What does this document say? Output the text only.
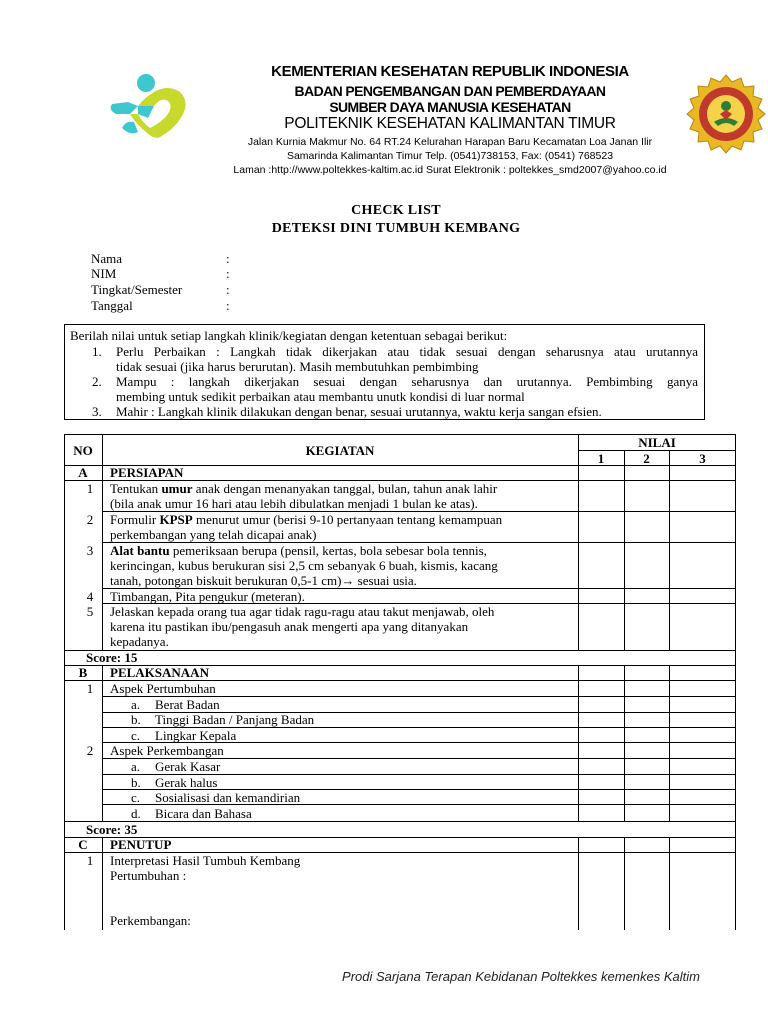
KEMENTERIAN KESEHATAN REPUBLIK INDONESIA
BADAN PENGEMBANGAN DAN PEMBERDAYAAN
SUMBER DAYA MANUSIA KESEHATAN
POLITEKNIK KESEHATAN KALIMANTAN TIMUR
Jalan Kurnia Makmur No. 64 RT.24 Kelurahan Harapan Baru Kecamatan Loa Janan Ilir
Samarinda Kalimantan Timur Telp. (0541)738153, Fax: (0541) 768523
Laman :http://www.poltekkes-kaltim.ac.id Surat Elektronik : poltekkes_smd2007@yahoo.co.id
CHECK LIST
DETEKSI DINI TUMBUH KEMBANG
Nama	:
NIM	:
Tingkat/Semester	:
Tanggal	:
Berilah nilai untuk setiap langkah klinik/kegiatan dengan ketentuan sebagai berikut:
1. Perlu Perbaikan : Langkah tidak dikerjakan atau tidak sesuai dengan seharusnya atau urutannya
tidak sesuai (jika harus berurutan). Masih membutuhkan pembimbing
2. Mampu : langkah dikerjakan sesuai dengan seharusnya dan urutannya. Pembimbing ganya
membing untuk sedikit perbaikan atau membantu unutk kondisi di luar normal
3. Mahir : Langkah klinik dilakukan dengan benar, sesuai urutannya, waktu kerja sangan efsien.
NO	KEGIATAN
NILAI
1	2	3
A	PERSIAPAN
1	Tentukan umur anak dengan menanyakan tanggal, bulan, tahun anak lahir
(bila anak umur 16 hari atau lebih dibulatkan menjadi 1 bulan ke atas).
2	Formulir KPSP menurut umur (berisi 9-10 pertanyaan tentang kemampuan
perkembangan yang telah dicapai anak)
3	Alat bantu pemeriksaan berupa (pensil, kertas, bola sebesar bola tennis,
kerincingan, kubus berukuran sisi 2,5 cm sebanyak 6 buah, kismis, kacang
tanah, potongan biskuit berukuran 0,5-1 cm)→ sesuai usia.
4	Timbangan, Pita pengukur (meteran).
5	Jelaskan kepada orang tua agar tidak ragu-ragu atau takut menjawab, oleh
karena itu pastikan ibu/pengasuh anak mengerti apa yang ditanyakan
kepadanya.
Score: 15
B	PELAKSANAAN
1	Aspek Pertumbuhan
a. Berat Badan
b. Tinggi Badan / Panjang Badan
c. Lingkar Kepala
2	Aspek Perkembangan
a. Gerak Kasar
b. Gerak halus
c. Sosialisasi dan kemandirian
d. Bicara dan Bahasa
Score: 35
C	PENUTUP
1	Interpretasi Hasil Tumbuh Kembang
Pertumbuhan :
Perkembangan:
Prodi Sarjana Terapan Kebidanan Poltekkes kemenkes Kaltim
